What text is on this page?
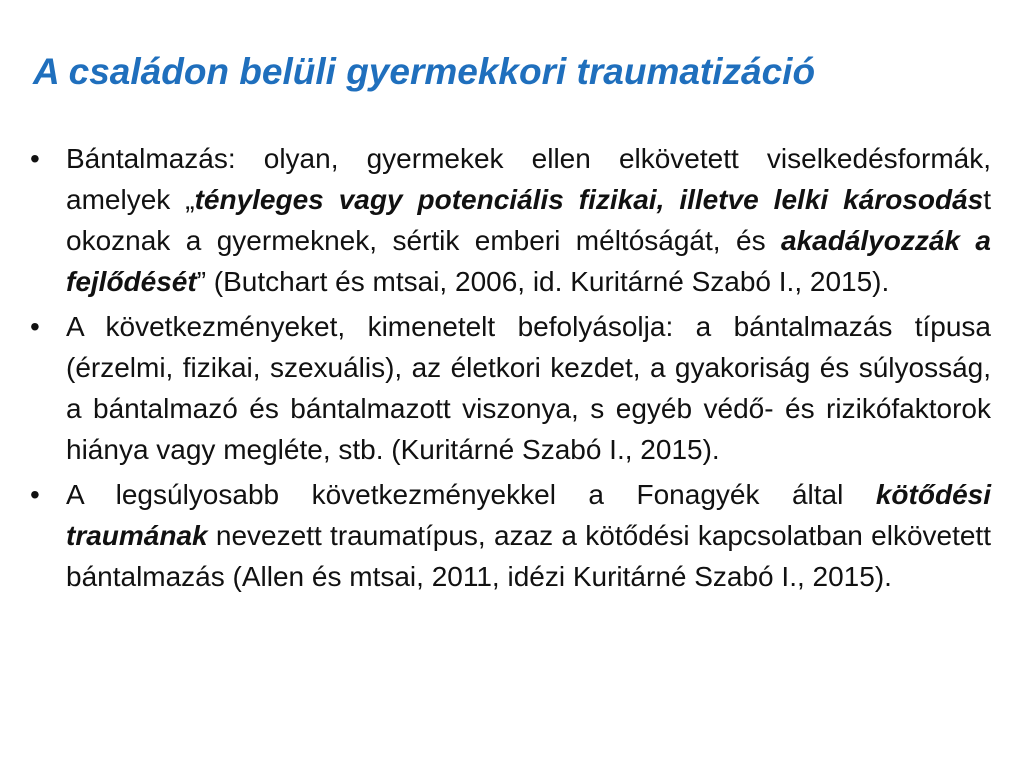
A családon belüli gyermekkori traumatizáció
• Bántalmazás: olyan, gyermekek ellen elkövetett viselkedésformák, amelyek „tényleges vagy potenciális fizikai, illetve lelki károsodást okoznak a gyermeknek, sértik emberi méltóságát, és akadályozzák a fejlődését” (Butchart és mtsai, 2006, id. Kuritárné Szabó I., 2015).
• A következményeket, kimenetelt befolyásolja: a bántalmazás típusa (érzelmi, fizikai, szexuális), az életkori kezdet, a gyakoriság és súlyosság, a bántalmazó és bántalmazott viszonya, s egyéb védő- és rizikófaktorok hiánya vagy megléte, stb. (Kuritárné Szabó I., 2015).
• A legsúlyosabb következményekkel a Fonagyék által kötődési traumának nevezett traumatípus, azaz a kötődési kapcsolatban elkövetett bántalmazás (Allen és mtsai, 2011, idézi Kuritárné Szabó I., 2015).
